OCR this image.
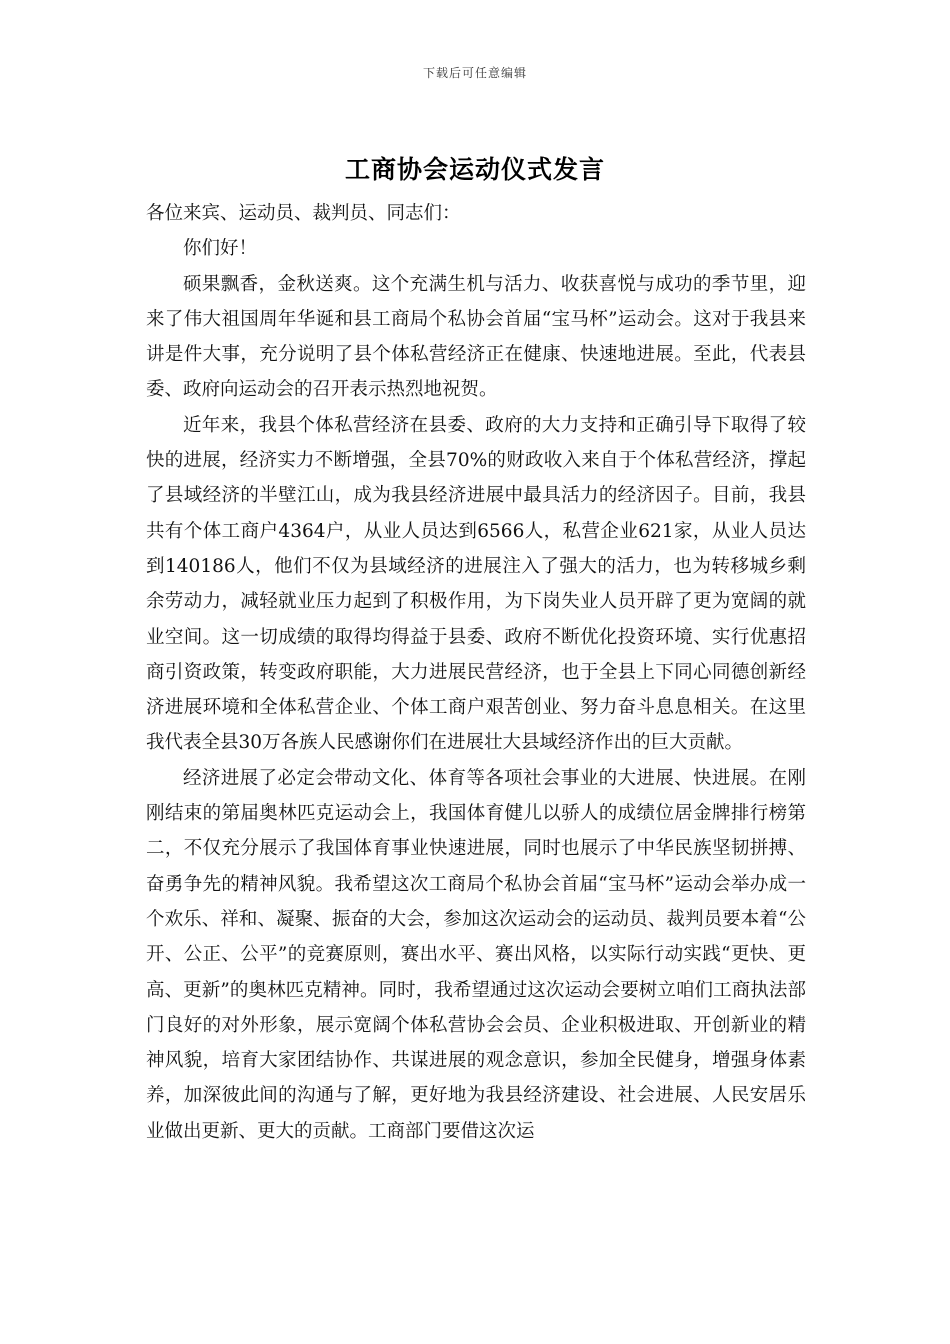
下载后可任意编辑
工商协会运动仪式发言

各位来宾、运动员、裁判员、同志们：

你们好！

硕果飘香，金秋送爽。这个充满生机与活力、收获喜悦与成功的季节里，迎来了伟大祖国周年华诞和县工商局个私协会首届“宝马杯”运动会。这对于我县来讲是件大事，充分说明了县个体私营经济正在健康、快速地进展。至此，代表县委、政府向运动会的召开表示热烈地祝贺。

近年来，我县个体私营经济在县委、政府的大力支持和正确引导下取得了较快的进展，经济实力不断增强，全县70%的财政收入来自于个体私营经济，撑起了县域经济的半壁江山，成为我县经济进展中最具活力的经济因子。目前，我县共有个体工商户4364户，从业人员达到6566人，私营企业621家，从业人员达到140186人，他们不仅为县域经济的进展注入了强大的活力，也为转移城乡剩余劳动力，减轻就业压力起到了积极作用，为下岗失业人员开辟了更为宽阔的就业空间。这一切成绩的取得均得益于县委、政府不断优化投资环境、实行优惠招商引资政策，转变政府职能，大力进展民营经济，也于全县上下同心同德创新经济进展环境和全体私营企业、个体工商户艰苦创业、努力奋斗息息相关。在这里我代表全县30万各族人民感谢你们在进展壮大县域经济作出的巨大贡献。

经济进展了必定会带动文化、体育等各项社会事业的大进展、快进展。在刚刚结束的第届奥林匹克运动会上，我国体育健儿以骄人的成绩位居金牌排行榜第二，不仅充分展示了我国体育事业快速进展，同时也展示了中华民族坚韧拼搏、奋勇争先的精神风貌。我希望这次工商局个私协会首届“宝马杯”运动会举办成一个欢乐、祥和、凝聚、振奋的大会，参加这次运动会的运动员、裁判员要本着“公开、公正、公平”的竞赛原则，赛出水平、赛出风格，以实际行动实践“更快、更高、更新”的奥林匹克精神。同时，我希望通过这次运动会要树立咱们工商执法部门良好的对外形象，展示宽阔个体私营协会会员、企业积极进取、开创新业的精神风貌，培育大家团结协作、共谋进展的观念意识，参加全民健身，增强身体素养，加深彼此间的沟通与了解，更好地为我县经济建设、社会进展、人民安居乐业做出更新、更大的贡献。工商部门要借这次运
